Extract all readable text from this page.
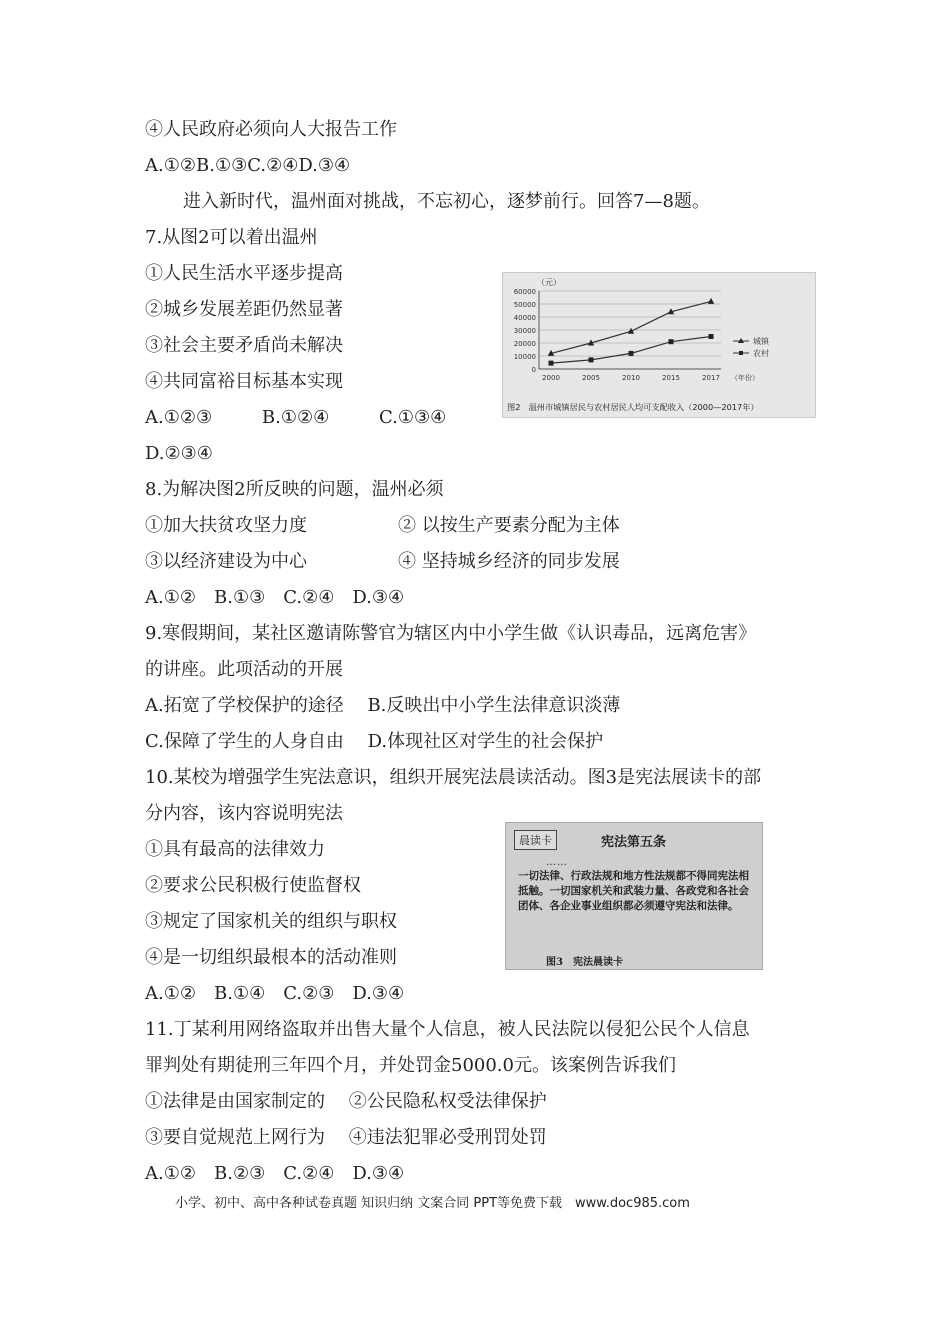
④人民政府必须向人大报告工作
A.①②B.①③C.②④D.③④
进入新时代，温州面对挑战，不忘初心，逐梦前行。回答7—8题。
7.从图2可以着出温州
①人民生活水平逐步提高
②城乡发展差距仍然显著
③社会主要矛盾尚未解决
④共同富裕目标基本实现
A.①②③	B.①②④	C.①③④
D.②③④
（元）
60000
50000
40000
30000
20000
10000
0
2000	2005	2010	2015	2017 （年份）
城镇
农村
图2　温州市城镇居民与农村居民人均可支配收入（2000—2017年）
8.为解决图2所反映的问题，温州必须
①加大扶贫攻坚力度	② 以按生产要素分配为主体
③以经济建设为中心	④ 坚持城乡经济的同步发展
A.①②　B.①③　C.②④　D.③④
9.寒假期间，某社区邀请陈警官为辖区内中小学生做《认识毒品，远离危害》
的讲座。此项活动的开展
A.拓宽了学校保护的途径　 B.反映出中小学生法律意识淡薄
C.保障了学生的人身自由　 D.体现社区对学生的社会保护
10.某校为增强学生宪法意识，组织开展宪法晨读活动。图3是宪法展读卡的部
分内容，该内容说明宪法
①具有最高的法律效力
②要求公民积极行使监督权
③规定了国家机关的组织与职权
④是一切组织最根本的活动准则
A.①②　B.①④　C.②③　D.③④
晨读卡	宪法第五条
……
一切法律、行政法规和地方性法规都不得同宪法相抵触。一切国家机关和武装力量、各政党和各社会团体、各企业事业组织都必须遵守宪法和法律。
图3　宪法晨读卡
11.丁某利用网络盗取并出售大量个人信息，被人民法院以侵犯公民个人信息
罪判处有期徒刑三年四个月，并处罚金5000.0元。该案例告诉我们
①法律是由国家制定的　 ②公民隐私权受法律保护
③要自觉规范上网行为　 ④违法犯罪必受刑罚处罚
A.①②　B.②③　C.②④　D.③④
小学、初中、高中各种试卷真题 知识归纳 文案合同 PPT等免费下载　www.doc985.com
